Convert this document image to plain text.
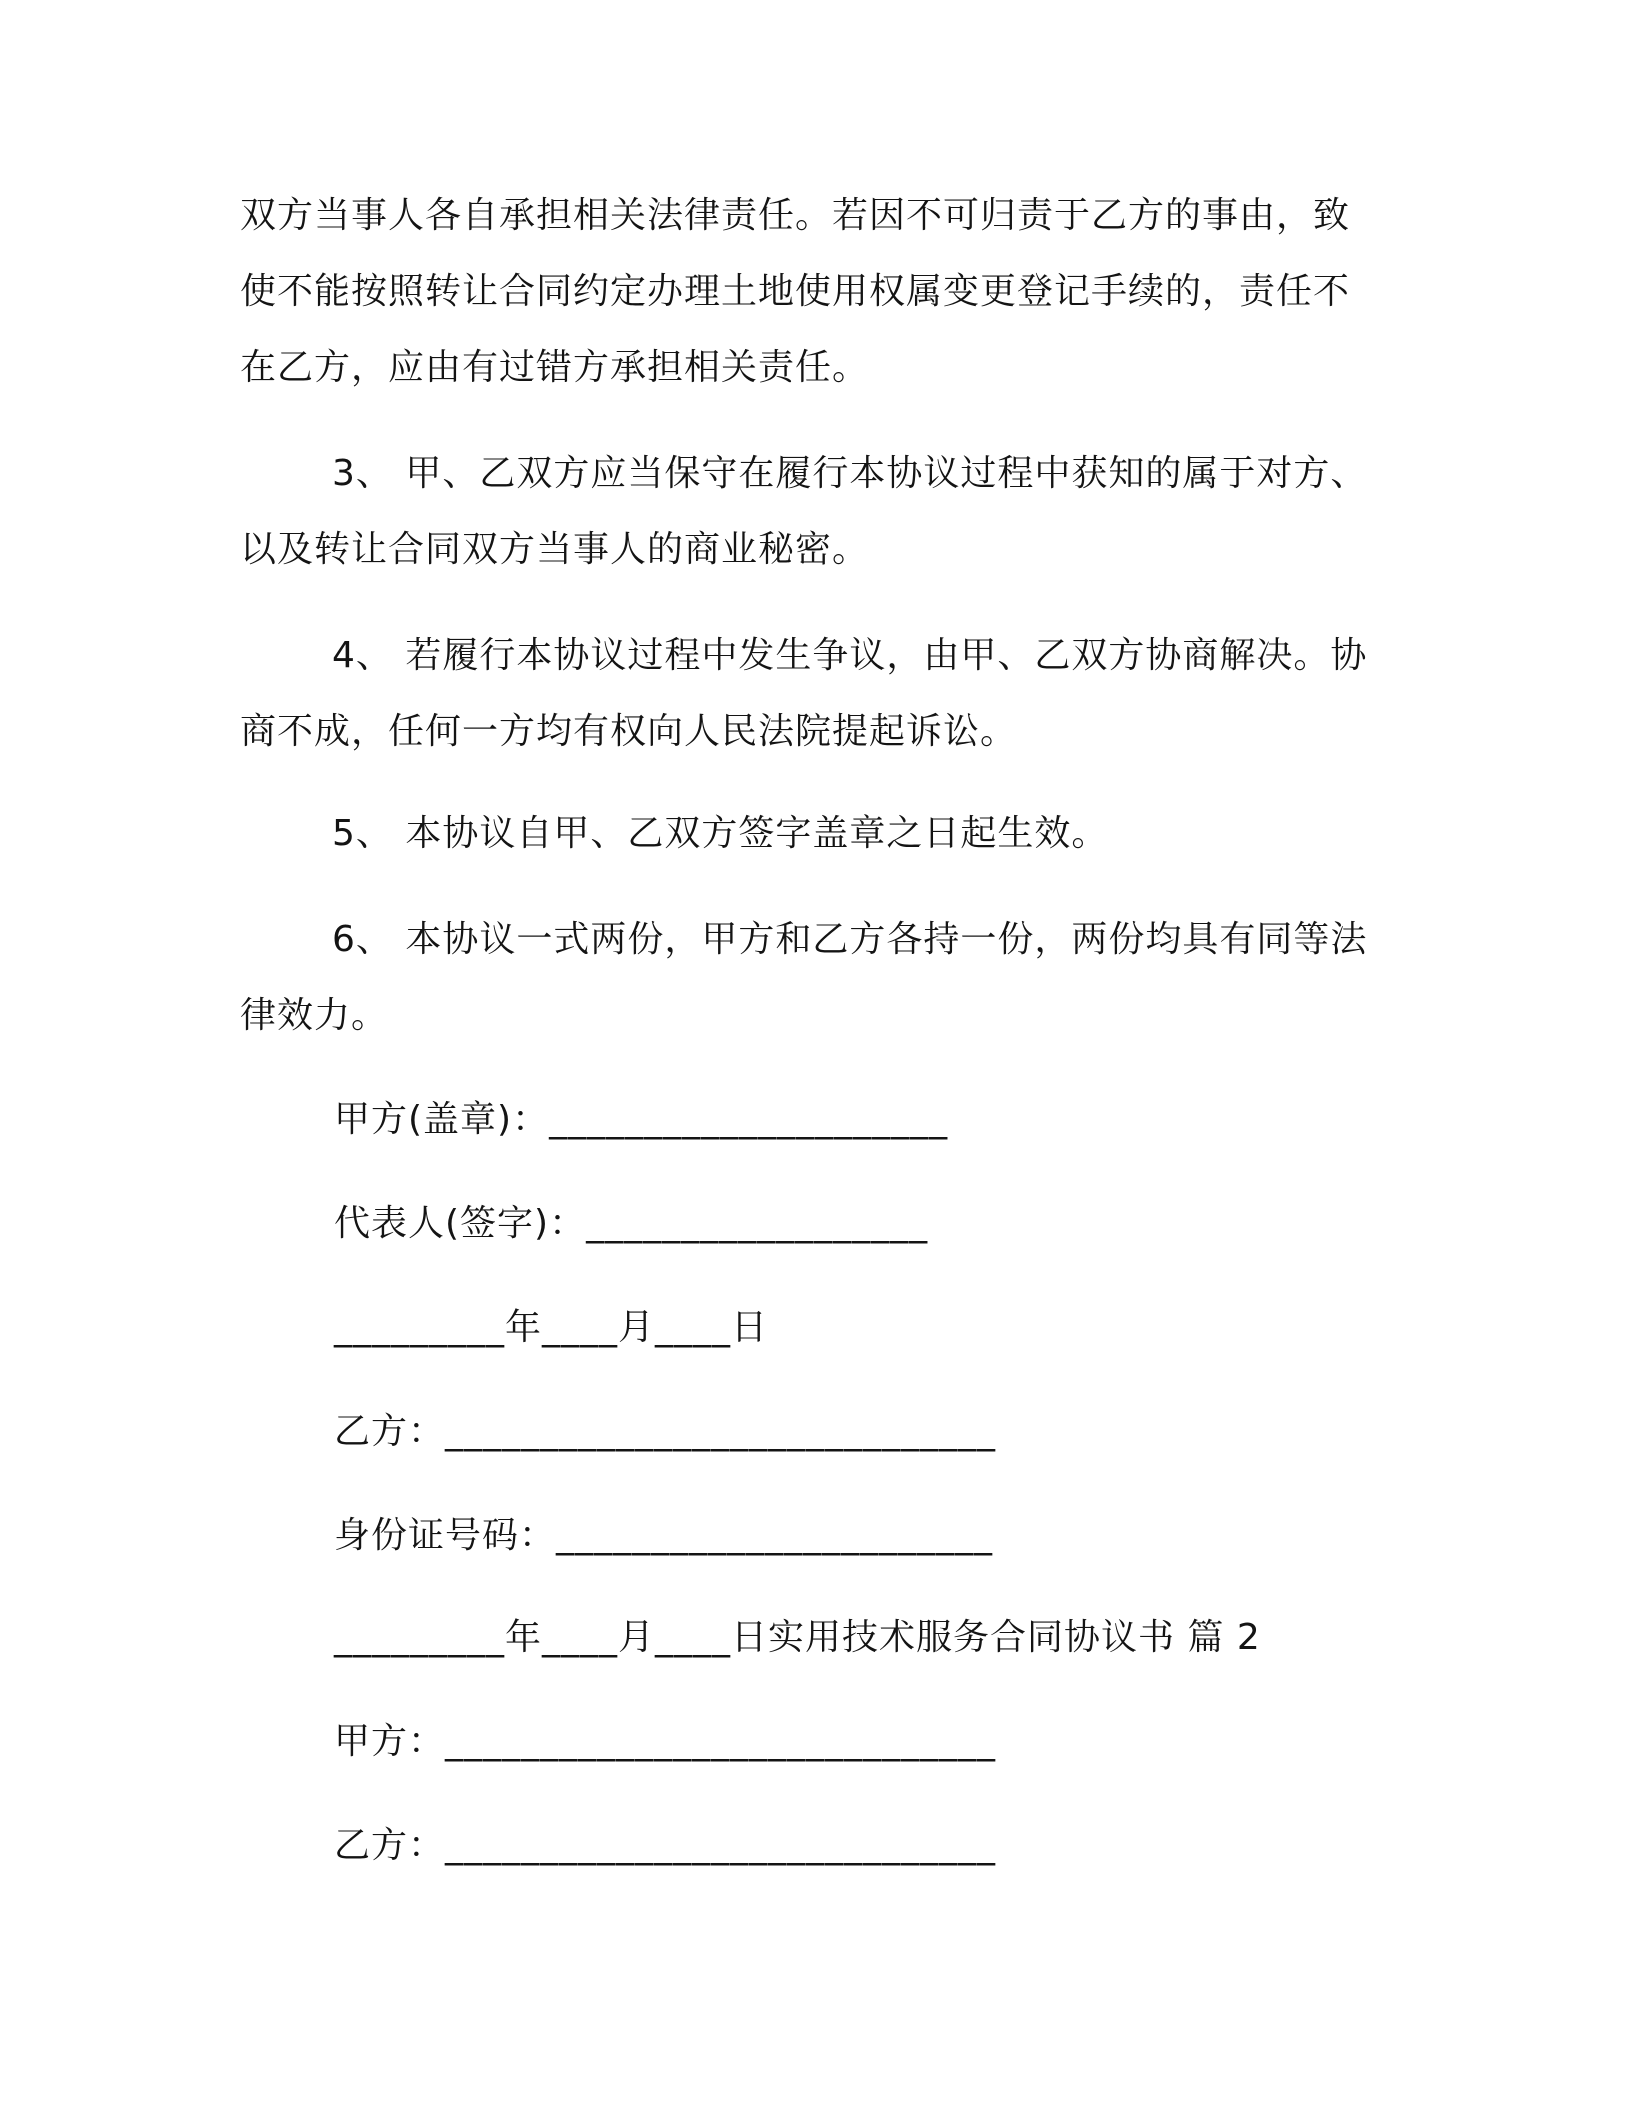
双方当事人各自承担相关法律责任。若因不可归责于乙方的事由，致使不能按照转让合同约定办理土地使用权属变更登记手续的，责任不在乙方，应由有过错方承担相关责任。
3、 甲、乙双方应当保守在履行本协议过程中获知的属于对方、以及转让合同双方当事人的商业秘密。
4、 若履行本协议过程中发生争议，由甲、乙双方协商解决。协商不成，任何一方均有权向人民法院提起诉讼。
5、 本协议自甲、乙双方签字盖章之日起生效。
6、 本协议一式两份，甲方和乙方各持一份，两份均具有同等法律效力。
甲方(盖章)：_____________________
代表人(签字)：__________________
_________年____月____日
乙方：_____________________________
身份证号码：_______________________
_________年____月____日实用技术服务合同协议书 篇 2
甲方：_____________________________
乙方：_____________________________
